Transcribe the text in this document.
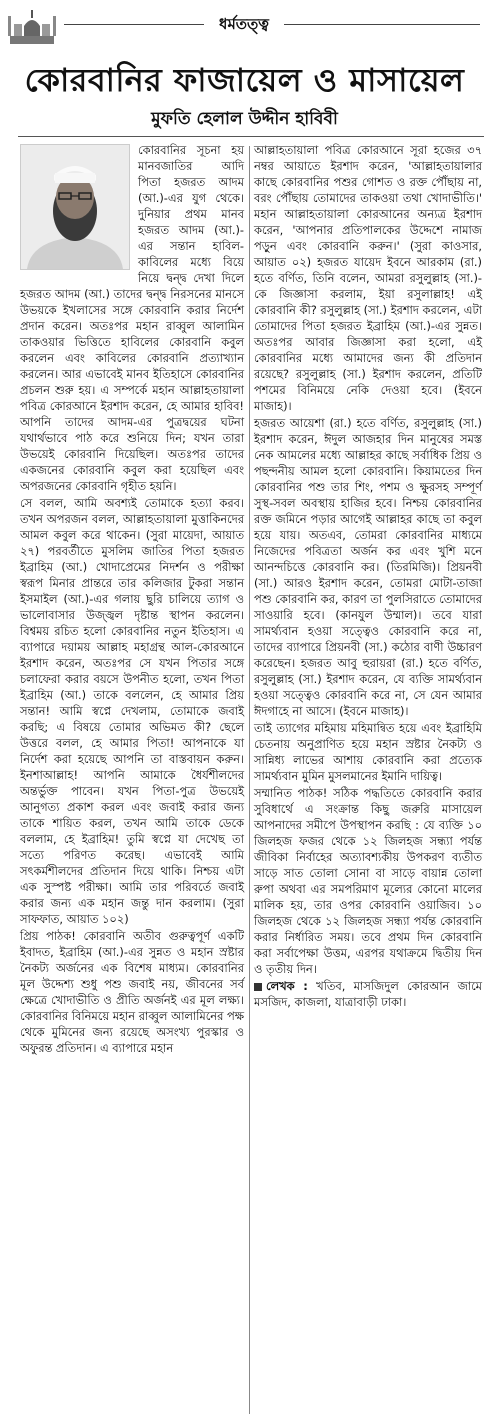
ধর্মতত্ত্ব
কোরবানির ফাজায়েল ও মাসায়েল
মুফতি হেলাল উদ্দীন হাবিবী

কোরবানির সূচনা হয় মানবজাতির আদি পিতা হজরত আদম (আ.)-এর যুগ থেকে। দুনিয়ার প্রথম মানব হজরত আদম (আ.)-এর সন্তান হাবিল-কাবিলের মধ্যে বিয়ে নিয়ে দ্বন্দ্ব দেখা দিলে হজরত আদম (আ.) তাদের দ্বন্দ্ব নিরসনের মানসে উভয়কে ইখলাসের সঙ্গে কোরবানি করার নির্দেশ প্রদান করেন। অতঃপর মহান রাব্বুল আলামিন তাকওয়ার ভিত্তিতে হাবিলের কোরবানি কবুল করলেন এবং কাবিলের কোরবানি প্রত্যাখ্যান করলেন। আর এভাবেই মানব ইতিহাসে কোরবানির প্রচলন শুরু হয়। এ সম্পর্কে মহান আল্লাহতায়ালা পবিত্র কোরআনে ইরশাদ করেন, হে আমার হাবিব! আপনি তাদের আদম-এর পুত্রদ্বয়ের ঘটনা যথার্থভাবে পাঠ করে শুনিয়ে দিন; যখন তারা উভয়েই কোরবানি দিয়েছিল। অতঃপর তাদের একজনের কোরবানি কবুল করা হয়েছিল এবং অপরজনের কোরবানি গৃহীত হয়নি।

সে বলল, আমি অবশ্যই তোমাকে হত্যা করব। তখন অপরজন বলল, আল্লাহতায়ালা মুত্তাকিনদের আমল কবুল করে থাকেন। (সুরা মায়েদা, আয়াত ২৭) পরবর্তীতে মুসলিম জাতির পিতা হজরত ইব্রাহিম (আ.) খোদাপ্রেমের নিদর্শন ও পরীক্ষা স্বরূপ মিনার প্রান্তরে তার কলিজার টুকরা সন্তান ইসমাইল (আ.)-এর গলায় ছুরি চালিয়ে ত্যাগ ও ভালোবাসার উজ্জ্বল দৃষ্টান্ত স্থাপন করলেন। বিশ্বময় রচিত হলো কোরবানির নতুন ইতিহাস। এ ব্যাপারে দয়াময় আল্লাহ মহাগ্রন্থ আল-কোরআনে ইরশাদ করেন, অতঃপর সে যখন পিতার সঙ্গে চলাফেরা করার বয়সে উপনীত হলো, তখন পিতা ইব্রাহিম (আ.) তাকে বললেন, হে আমার প্রিয় সন্তান! আমি স্বপ্নে দেখলাম, তোমাকে জবাই করছি; এ বিষয়ে তোমার অভিমত কী? ছেলে উত্তরে বলল, হে আমার পিতা! আপনাকে যা নির্দেশ করা হয়েছে আপনি তা বাস্তবায়ন করুন। ইনশাআল্লাহ! আপনি আমাকে ধৈর্যশীলদের অন্তর্ভুক্ত পাবেন। যখন পিতা-পুত্র উভয়েই আনুগত্য প্রকাশ করল এবং জবাই করার জন্য তাকে শায়িত করল, তখন আমি তাকে ডেকে বললাম, হে ইব্রাহিম! তুমি স্বপ্নে যা দেখেছ তা সত্যে পরিণত করেছ। এভাবেই আমি সৎকর্মশীলদের প্রতিদান দিয়ে থাকি। নিশ্চয় এটা এক সুস্পষ্ট পরীক্ষা। আমি তার পরিবর্তে জবাই করার জন্য এক মহান জন্তু দান করলাম। (সুরা সাফফাত, আয়াত ১০২)

প্রিয় পাঠক! কোরবানি অতীব গুরুত্বপূর্ণ একটি ইবাদত, ইব্রাহিম (আ.)-এর সুন্নত ও মহান স্রষ্টার নৈকট্য অর্জনের এক বিশেষ মাধ্যম। কোরবানির মূল উদ্দেশ্য শুধু পশু জবাই নয়, জীবনের সর্ব ক্ষেত্রে খোদাভীতি ও প্রীতি অর্জনই এর মূল লক্ষ্য। কোরবানির বিনিময়ে মহান রাব্বুল আলামিনের পক্ষ থেকে মুমিনের জন্য রয়েছে অসংখ্য পুরস্কার ও অফুরন্ত প্রতিদান। এ ব্যাপারে মহান

আল্লাহতায়ালা পবিত্র কোরআনে সূরা হজের ৩৭ নম্বর আয়াতে ইরশাদ করেন, 'আল্লাহতায়ালার কাছে কোরবানির পশুর গোশত ও রক্ত পৌঁছায় না, বরং পৌঁছায় তোমাদের তাকওয়া তথা খোদাভীতি।' মহান আল্লাহতায়ালা কোরআনের অন্যত্র ইরশাদ করেন, 'আপনার প্রতিপালকের উদ্দেশে নামাজ পড়ুন এবং কোরবানি করুন।' (সুরা কাওসার, আয়াত ০২) হজরত যায়েদ ইবনে আরকাম (রা.) হতে বর্ণিত, তিনি বলেন, আমরা রসুলুল্লাহ (সা.)-কে জিজ্ঞাসা করলাম, ইয়া রসুলাল্লাহ! এই কোরবানি কী? রসুলুল্লাহ (সা.) ইরশাদ করলেন, এটা তোমাদের পিতা হজরত ইব্রাহিম (আ.)-এর সুন্নত। অতঃপর আবার জিজ্ঞাসা করা হলো, এই কোরবানির মধ্যে আমাদের জন্য কী প্রতিদান রয়েছে? রসুলুল্লাহ (সা.) ইরশাদ করলেন, প্রতিটি পশমের বিনিময়ে নেকি দেওয়া হবে। (ইবনে মাজাহ)।

হজরত আয়েশা (রা.) হতে বর্ণিত, রসুলুল্লাহ (সা.) ইরশাদ করেন, ঈদুল আজহার দিন মানুষের সমস্ত নেক আমলের মধ্যে আল্লাহর কাছে সর্বাধিক প্রিয় ও পছন্দনীয় আমল হলো কোরবানি। কিয়ামতের দিন কোরবানির পশু তার শিং, পশম ও ক্ষুরসহ সম্পূর্ণ সুস্থ-সবল অবস্থায় হাজির হবে। নিশ্চয় কোরবানির রক্ত জমিনে পড়ার আগেই আল্লাহর কাছে তা কবুল হয়ে যায়। অতএব, তোমরা কোরবানির মাধ্যমে নিজেদের পবিত্রতা অর্জন কর এবং খুশি মনে আনন্দচিত্তে কোরবানি কর। (তিরমিজি)। প্রিয়নবী (সা.) আরও ইরশাদ করেন, তোমরা মোটা-তাজা পশু কোরবানি কর, কারণ তা পুলসিরাতে তোমাদের সাওয়ারি হবে। (কানযুল উম্মাল)। তবে যারা সামর্থ্যবান হওয়া সত্ত্বেও কোরবানি করে না, তাদের ব্যাপারে প্রিয়নবী (সা.) কঠোর বাণী উচ্চারণ করেছেন। হজরত আবু হুরায়রা (রা.) হতে বর্ণিত, রসুলুল্লাহ (সা.) ইরশাদ করেন, যে ব্যক্তি সামর্থ্যবান হওয়া সত্ত্বেও কোরবানি করে না, সে যেন আমার ঈদগাহে না আসে। (ইবনে মাজাহ)।

তাই ত্যাগের মহিমায় মহিমান্বিত হয়ে এবং ইব্রাহিমি চেতনায় অনুপ্রাণিত হয়ে মহান স্রষ্টার নৈকট্য ও সান্নিধ্য লাভের আশায় কোরবানি করা প্রত্যেক সামর্থ্যবান মুমিন মুসলমানের ইমানি দায়িত্ব।

সম্মানিত পাঠক! সঠিক পদ্ধতিতে কোরবানি করার সুবিধার্থে এ সংক্রান্ত কিছু জরুরি মাসায়েল আপনাদের সমীপে উপস্থাপন করছি : যে ব্যক্তি ১০ জিলহজ ফজর থেকে ১২ জিলহজ সন্ধ্যা পর্যন্ত জীবিকা নির্বাহের অত্যাবশ্যকীয় উপকরণ ব্যতীত সাড়ে সাত তোলা সোনা বা সাড়ে বায়ান্ন তোলা রুপা অথবা এর সমপরিমাণ মূল্যের কোনো মালের মালিক হয়, তার ওপর কোরবানি ওয়াজিব। ১০ জিলহজ থেকে ১২ জিলহজ সন্ধ্যা পর্যন্ত কোরবানি করার নির্ধারিত সময়। তবে প্রথম দিন কোরবানি করা সর্বাপেক্ষা উত্তম, এরপর যথাক্রমে দ্বিতীয় দিন ও তৃতীয় দিন।

লেখক : খতিব, মাসজিদুল কোরআন জামে মসজিদ, কাজলা, যাত্রাবাড়ী ঢাকা।
